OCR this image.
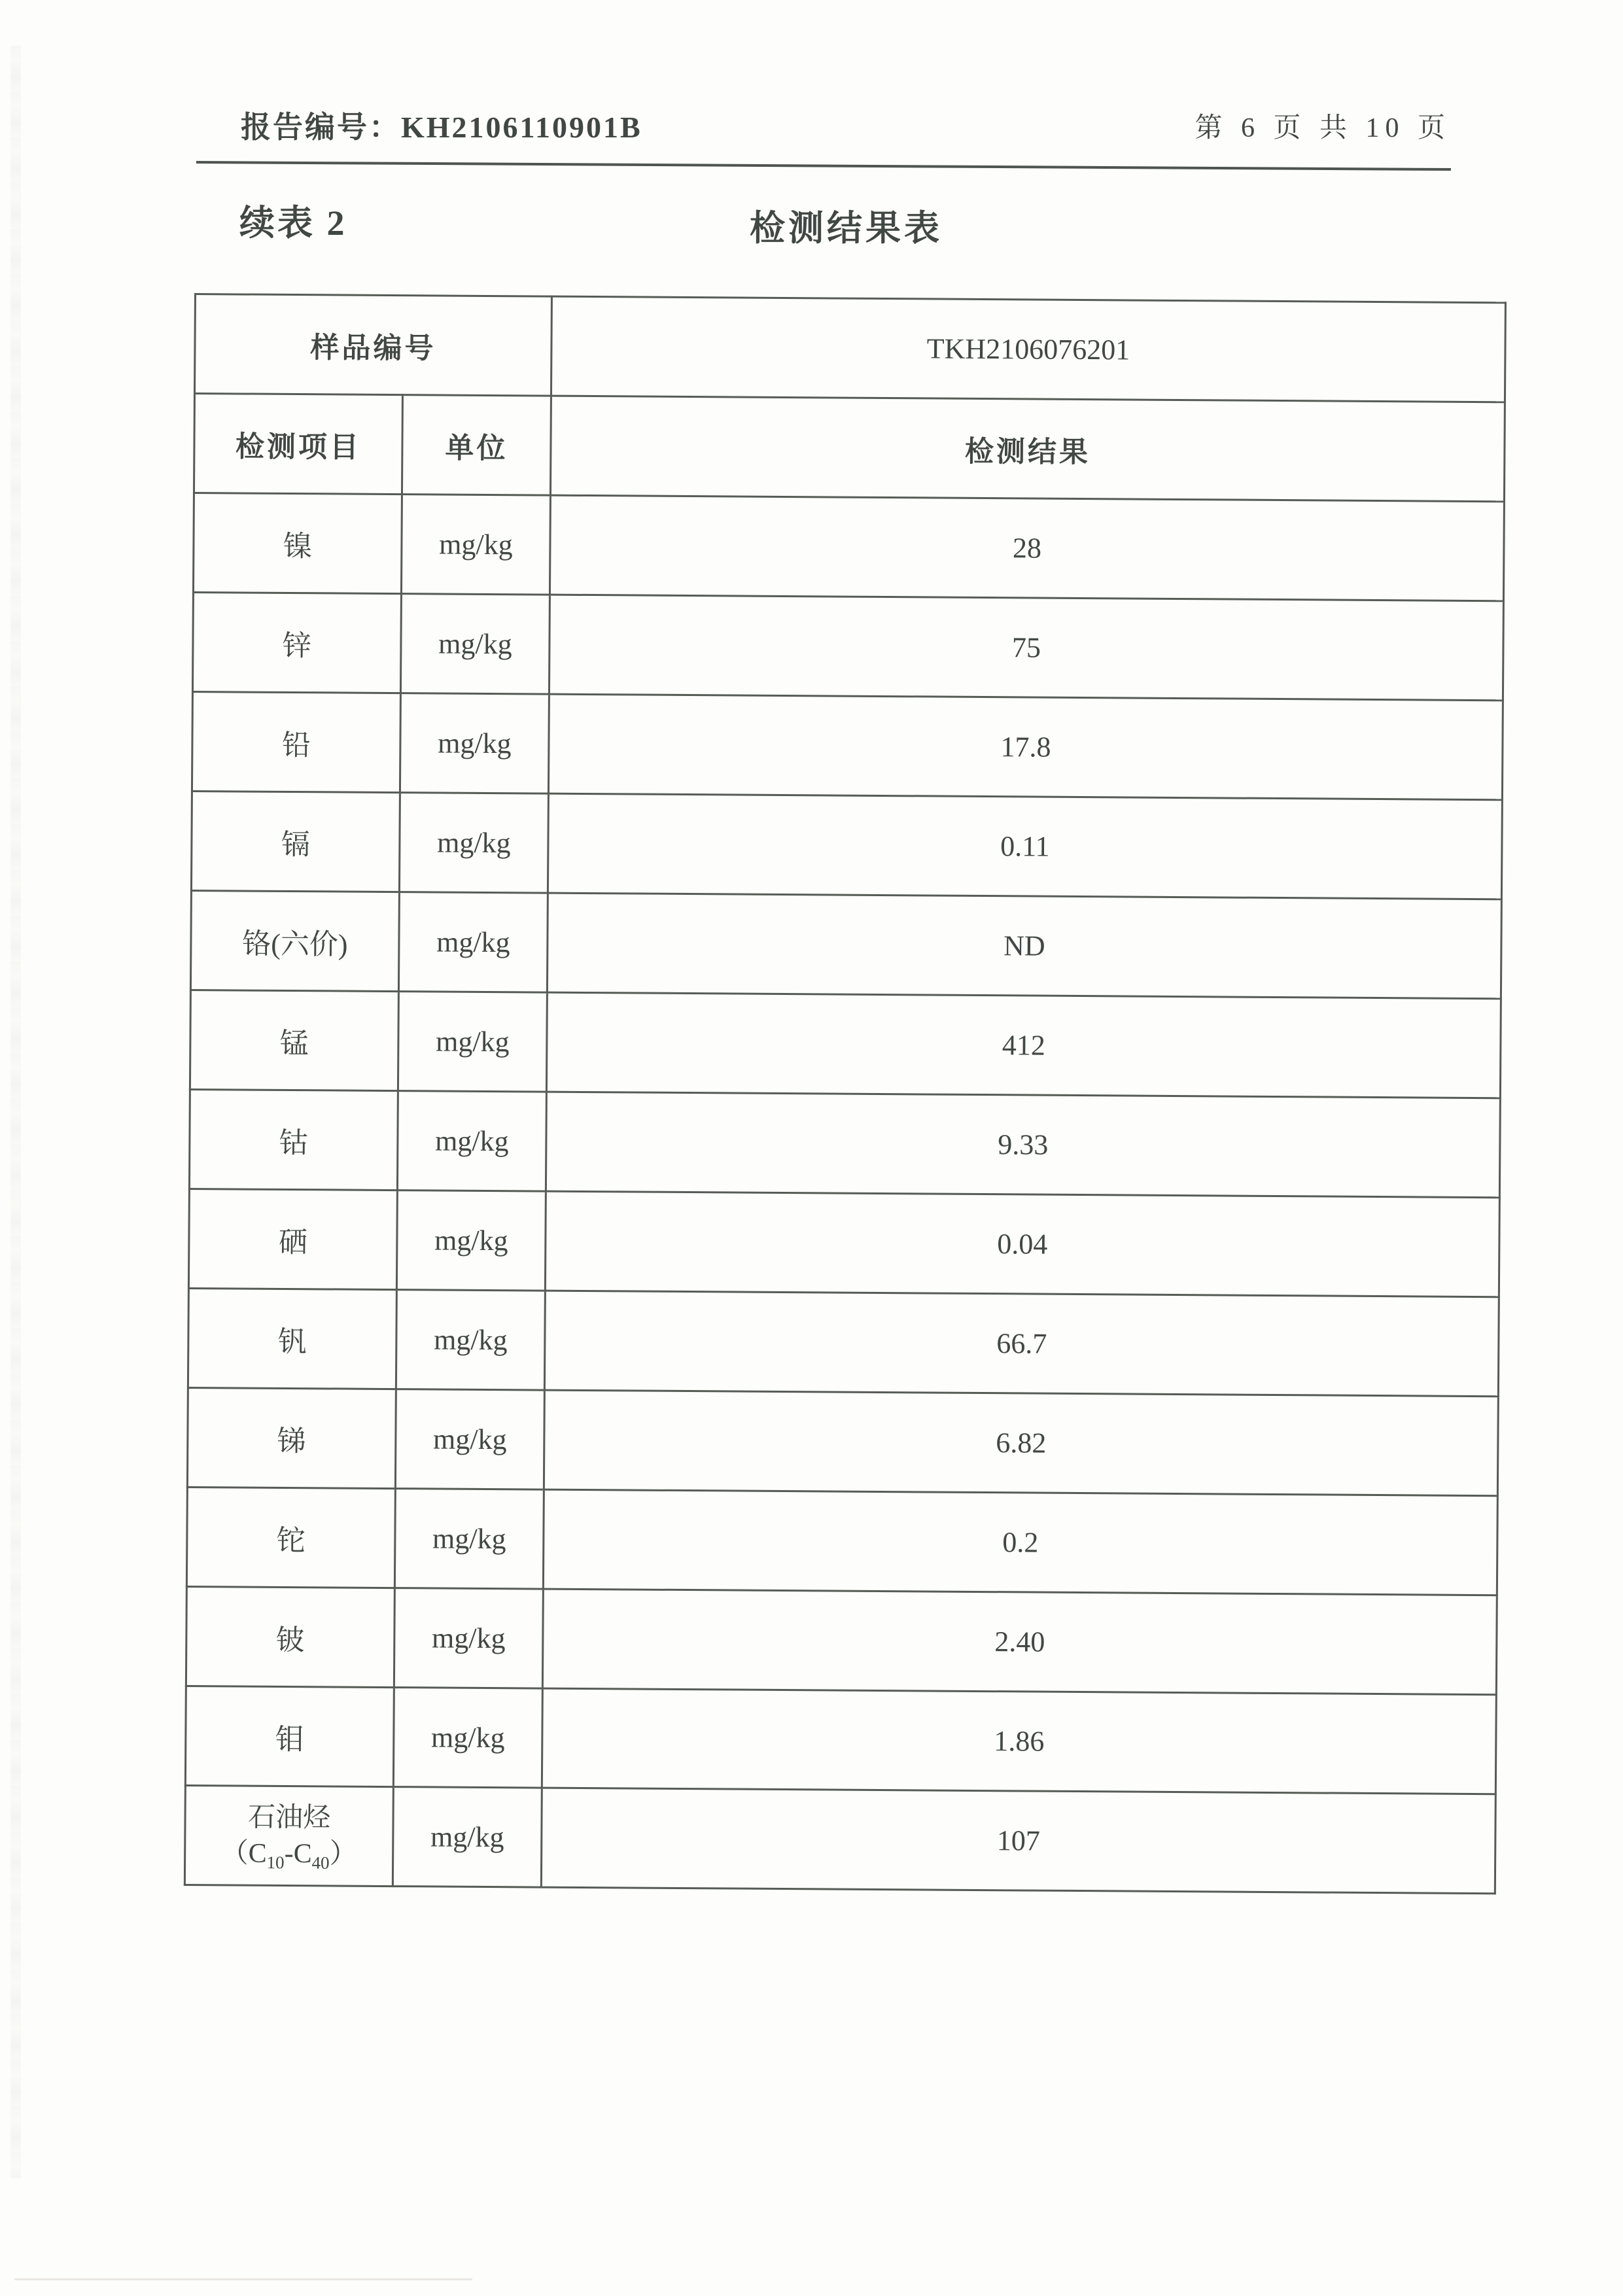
报告编号：KH2106110901B	第 6 页 共 10 页
续表 2	检测结果表
样品编号		TKH2106076201
检测项目	单位	检测结果
镍	mg/kg	28
锌	mg/kg	75
铅	mg/kg	17.8
镉	mg/kg	0.11
铬(六价)	mg/kg	ND
锰	mg/kg	412
钴	mg/kg	9.33
硒	mg/kg	0.04
钒	mg/kg	66.7
锑	mg/kg	6.82
铊	mg/kg	0.2
铍	mg/kg	2.40
钼	mg/kg	1.86

石油烃
$(C_{10}-C_{40})$	mg/kg	107
